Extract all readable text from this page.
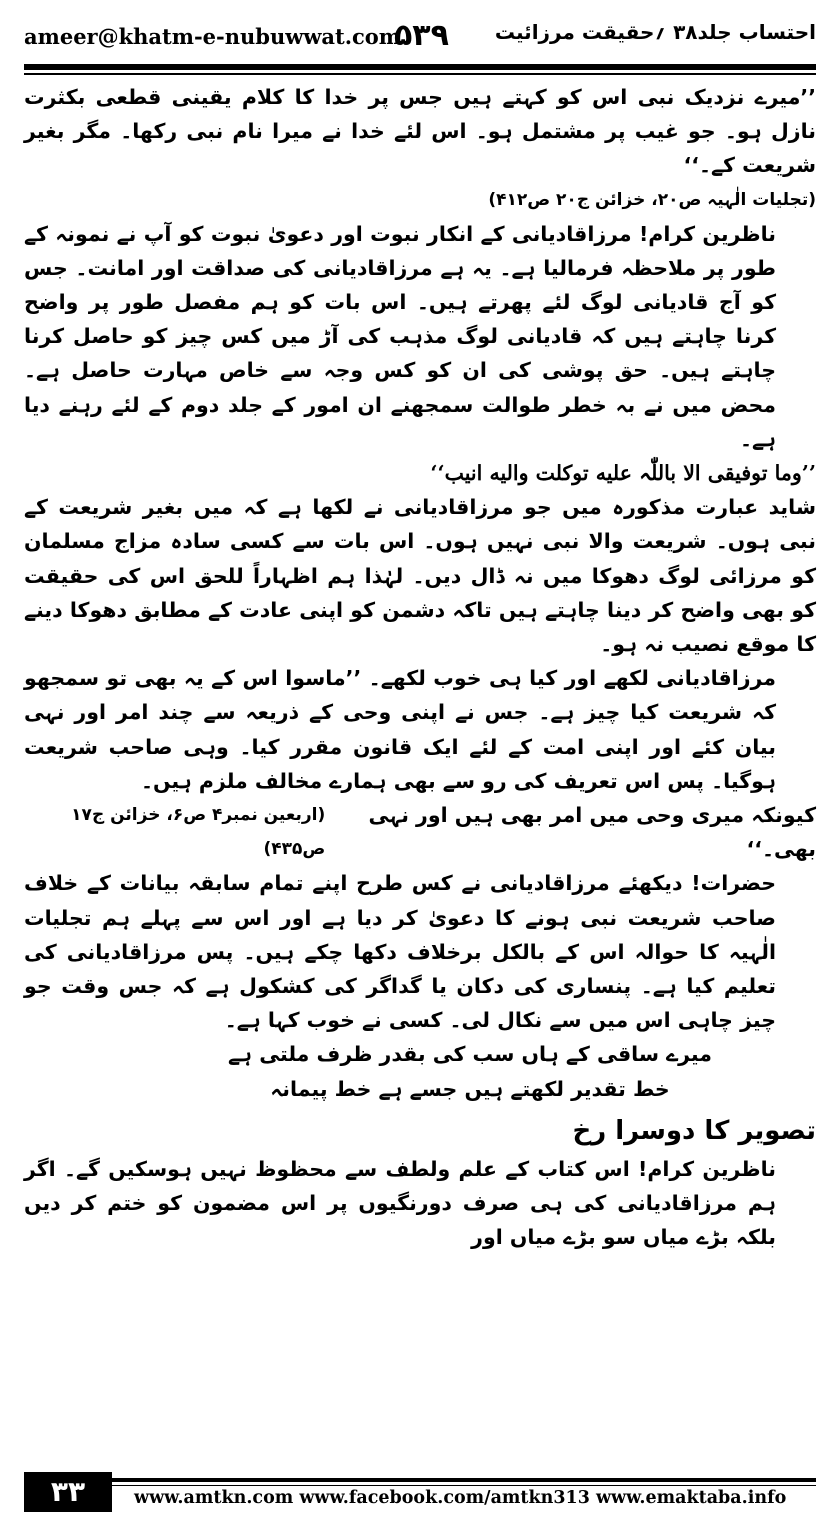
ameer@khatm-e-nubuwwat.com
۵۳۹ احتساب جلد۳۸ ؍حقیقت مرزائیت

’’میرے نزدیک نبی اس کو کہتے ہیں جس پر خدا کا کلام یقینی قطعی بکثرت نازل ہو۔ جو غیب پر مشتمل ہو۔ اس لئے خدا نے میرا نام نبی رکھا۔ مگر بغیر شریعت کے۔‘‘

(تجلیات الٰہیہ ص۲۰، خزائن ج۲۰ ص۴۱۲)

ناظرین کرام! مرزاقادیانی کے انکار نبوت اور دعویٰ نبوت کو آپ نے نمونہ کے طور پر ملاحظہ فرمالیا ہے۔ یہ ہے مرزاقادیانی کی صداقت اور امانت۔ جس کو آج قادیانی لوگ لئے پھرتے ہیں۔ اس بات کو ہم مفصل طور پر واضح کرنا چاہتے ہیں کہ قادیانی لوگ مذہب کی آڑ میں کس چیز کو حاصل کرنا چاہتے ہیں۔ حق پوشی کی ان کو کس وجہ سے خاص مہارت حاصل ہے۔ محض میں نے بہ خطر طوالت سمجھنے ان امور کے جلد دوم کے لئے رہنے دیا ہے۔

’’وما توفیقی الا باللّٰہ علیه توکلت والیه انیب‘‘

شاید عبارت مذکورہ میں جو مرزاقادیانی نے لکھا ہے کہ میں بغیر شریعت کے نبی ہوں۔ شریعت والا نبی نہیں ہوں۔ اس بات سے کسی سادہ مزاج مسلمان کو مرزائی لوگ دھوکا میں نہ ڈال دیں۔ لہٰذا ہم اظہاراً للحق اس کی حقیقت کو بھی واضح کر دینا چاہتے ہیں تاکہ دشمن کو اپنی عادت کے مطابق دھوکا دینے کا موقع نصیب نہ ہو۔

مرزاقادیانی لکھے اور کیا ہی خوب لکھے۔ ’’ماسوا اس کے یہ بھی تو سمجھو کہ شریعت کیا چیز ہے۔ جس نے اپنی وحی کے ذریعہ سے چند امر اور نہی بیان کئے اور اپنی امت کے لئے ایک قانون مقرر کیا۔ وہی صاحب شریعت ہوگیا۔ پس اس تعریف کی رو سے بھی ہمارے مخالف ملزم ہیں۔

کیونکہ میری وحی میں امر بھی ہیں اور نہی بھی۔‘‘
(اربعین نمبر۴ ص۶، خزائن ج۱۷ ص۴۳۵)

حضرات! دیکھئے مرزاقادیانی نے کس طرح اپنے تمام سابقہ بیانات کے خلاف صاحب شریعت نبی ہونے کا دعویٰ کر دیا ہے اور اس سے پہلے ہم تجلیات الٰہیہ کا حوالہ اس کے بالکل برخلاف دکھا چکے ہیں۔ پس مرزاقادیانی کی تعلیم کیا ہے۔ پنساری کی دکان یا گداگر کی کشکول ہے کہ جس وقت جو چیز چاہی اس میں سے نکال لی۔ کسی نے خوب کہا ہے۔

میرے ساقی کے ہاں سب کی بقدر ظرف ملتی ہے

خط تقدیر لکھتے ہیں جسے ہے خط پیمانہ

تصویر کا دوسرا رخ

ناظرین کرام! اس کتاب کے علم ولطف سے محظوظ نہیں ہوسکیں گے۔ اگر ہم مرزاقادیانی کی ہی صرف دورنگیوں پر اس مضمون کو ختم کر دیں بلکہ بڑے میاں سو بڑے میاں اور

۳۳	www.amtkn.com www.facebook.com/amtkn313 www.emaktaba.info
